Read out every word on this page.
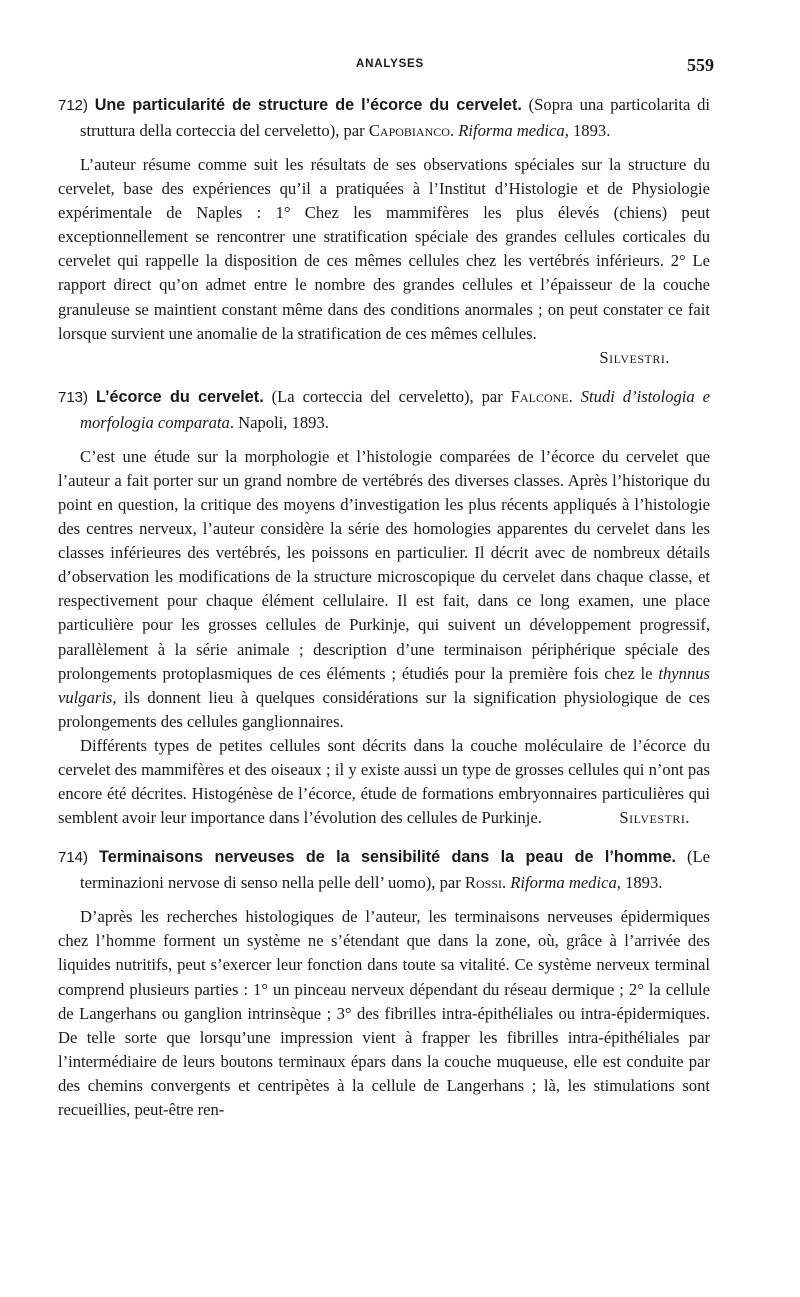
ANALYSES	559
712) Une particularité de structure de l’écorce du cervelet. (Sopra una particolarita di struttura della corteccia del cerveletto), par Capobianco. Riforma medica, 1893.

L’auteur résume comme suit les résultats de ses observations spéciales sur la structure du cervelet, base des expériences qu’il a pratiquées à l’Institut d’Histologie et de Physiologie expérimentale de Naples : 1° Chez les mammifères les plus élevés (chiens) peut exceptionnellement se rencontrer une stratification spéciale des grandes cellules corticales du cervelet qui rappelle la disposition de ces mêmes cellules chez les vertébrés inférieurs. 2° Le rapport direct qu’on admet entre le nombre des grandes cellules et l’épaisseur de la couche granuleuse se maintient constant même dans des conditions anormales ; on peut constater ce fait lorsque survient une anomalie de la stratification de ces mêmes cellules.

Silvestri.
713) L’écorce du cervelet. (La corteccia del cerveletto), par Falcone. Studi d’istologia e morfologia comparata. Napoli, 1893.

C’est une étude sur la morphologie et l’histologie comparées de l’écorce du cervelet que l’auteur a fait porter sur un grand nombre de vertébrés des diverses classes. Après l’historique du point en question, la critique des moyens d’investigation les plus récents appliqués à l’histologie des centres nerveux, l’auteur considère la série des homologies apparentes du cervelet dans les classes inférieures des vertébrés, les poissons en particulier. Il décrit avec de nombreux détails d’observation les modifications de la structure microscopique du cervelet dans chaque classe, et respectivement pour chaque élément cellulaire. Il est fait, dans ce long examen, une place particulière pour les grosses cellules de Purkinje, qui suivent un développement progressif, parallèlement à la série animale ; description d’une terminaison périphérique spéciale des prolongements protoplasmiques de ces éléments ; étudiés pour la première fois chez le thynnus vulgaris, ils donnent lieu à quelques considérations sur la signification physiologique de ces prolongements des cellules ganglionnaires.

Différents types de petites cellules sont décrits dans la couche moléculaire de l’écorce du cervelet des mammifères et des oiseaux ; il y existe aussi un type de grosses cellules qui n’ont pas encore été décrites. Histogénèse de l’écorce, étude de formations embryonnaires particulières qui semblent avoir leur importance dans l’évolution des cellules de Purkinje.	Silvestri.

714) Terminaisons nerveuses de la sensibilité dans la peau de l’homme. (Le terminazioni nervose di senso nella pelle dell’ uomo), par Rossi. Riforma medica, 1893.

D’après les recherches histologiques de l’auteur, les terminaisons nerveuses épidermiques chez l’homme forment un système ne s’étendant que dans la zone, où, grâce à l’arrivée des liquides nutritifs, peut s’exercer leur fonction dans toute sa vitalité. Ce système nerveux terminal comprend plusieurs parties : 1° un pinceau nerveux dépendant du réseau dermique ; 2° la cellule de Langerhans ou ganglion intrinsèque ; 3° des fibrilles intra-épithéliales ou intra-épidermiques. De telle sorte que lorsqu’une impression vient à frapper les fibrilles intra-épithéliales par l’intermédiaire de leurs boutons terminaux épars dans la couche muqueuse, elle est conduite par des chemins convergents et centripètes à la cellule de Langerhans ; là, les stimulations sont recueillies, peut-être ren-
